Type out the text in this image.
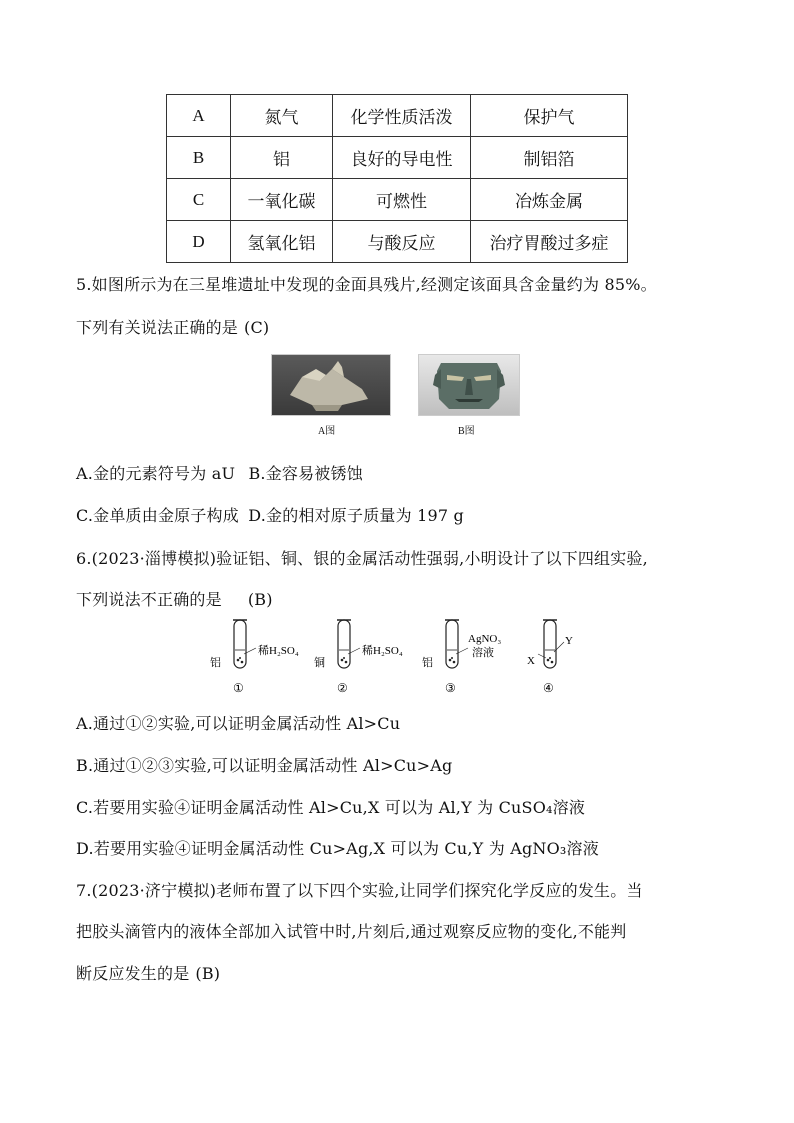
A	氮气	化学性质活泼	保护气
B	铝	良好的导电性	制铝箔
C	一氧化碳	可燃性	冶炼金属
D	氢氧化铝	与酸反应	治疗胃酸过多症
5.如图所示为在三星堆遗址中发现的金面具残片,经测定该面具含金量约为 85%。
下列有关说法正确的是 (C)
A图	B图
A.金的元素符号为 aU B.金容易被锈蚀
C.金单质由金原子构成 D.金的相对原子质量为 197 g
6.(2023·淄博模拟)验证铝、铜、银的金属活动性强弱,小明设计了以下四组实验,
下列说法不正确的是 (B)
铝
稀H₂SO₄
①
铜
稀H₂SO₄
②
铝
AgNO₃
溶液
③
X
Y
④
A.通过①②实验,可以证明金属活动性 Al>Cu
B.通过①②③实验,可以证明金属活动性 Al>Cu>Ag
C.若要用实验④证明金属活动性 Al>Cu,X 可以为 Al,Y 为 CuSO₄溶液
D.若要用实验④证明金属活动性 Cu>Ag,X 可以为 Cu,Y 为 AgNO₃溶液
7.(2023·济宁模拟)老师布置了以下四个实验,让同学们探究化学反应的发生。当
把胶头滴管内的液体全部加入试管中时,片刻后,通过观察反应物的变化,不能判
断反应发生的是 (B)
